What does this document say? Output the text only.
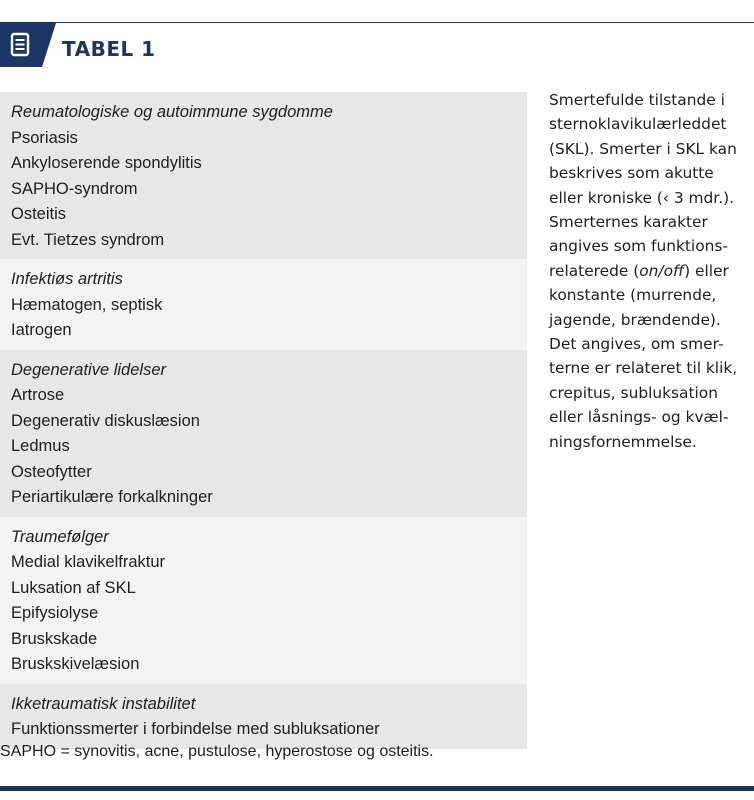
TABEL 1
Reumatologiske og autoimmune sygdomme
Psoriasis
Ankyloserende spondylitis
SAPHO-syndrom
Osteitis
Evt. Tietzes syndrom
Infektiøs artritis
Hæmatogen, septisk
Iatrogen
Degenerative lidelser
Artrose
Degenerativ diskuslæsion
Ledmus
Osteofytter
Periartikulære forkalkninger
Traumefølger
Medial klavikelfraktur
Luksation af SKL
Epifysiolyse
Bruskskade
Bruskskivelæsion
Ikketraumatisk instabilitet
Funktionssmerter i forbindelse med subluksationer
SAPHO = synovitis, acne, pustulose, hyperostose og osteitis.
Smertefulde tilstande i
sternoklavikulærleddet
(SKL). Smerter i SKL kan
beskrives som akutte
eller kroniske (‹ 3 mdr.).
Smerternes karakter
angives som funktions-
relaterede (on/off) eller
konstante (murrende,
jagende, brændende).
Det angives, om smer-
terne er relateret til klik,
crepitus, subluksation
eller låsnings- og kvæl-
ningsfornemmelse.
